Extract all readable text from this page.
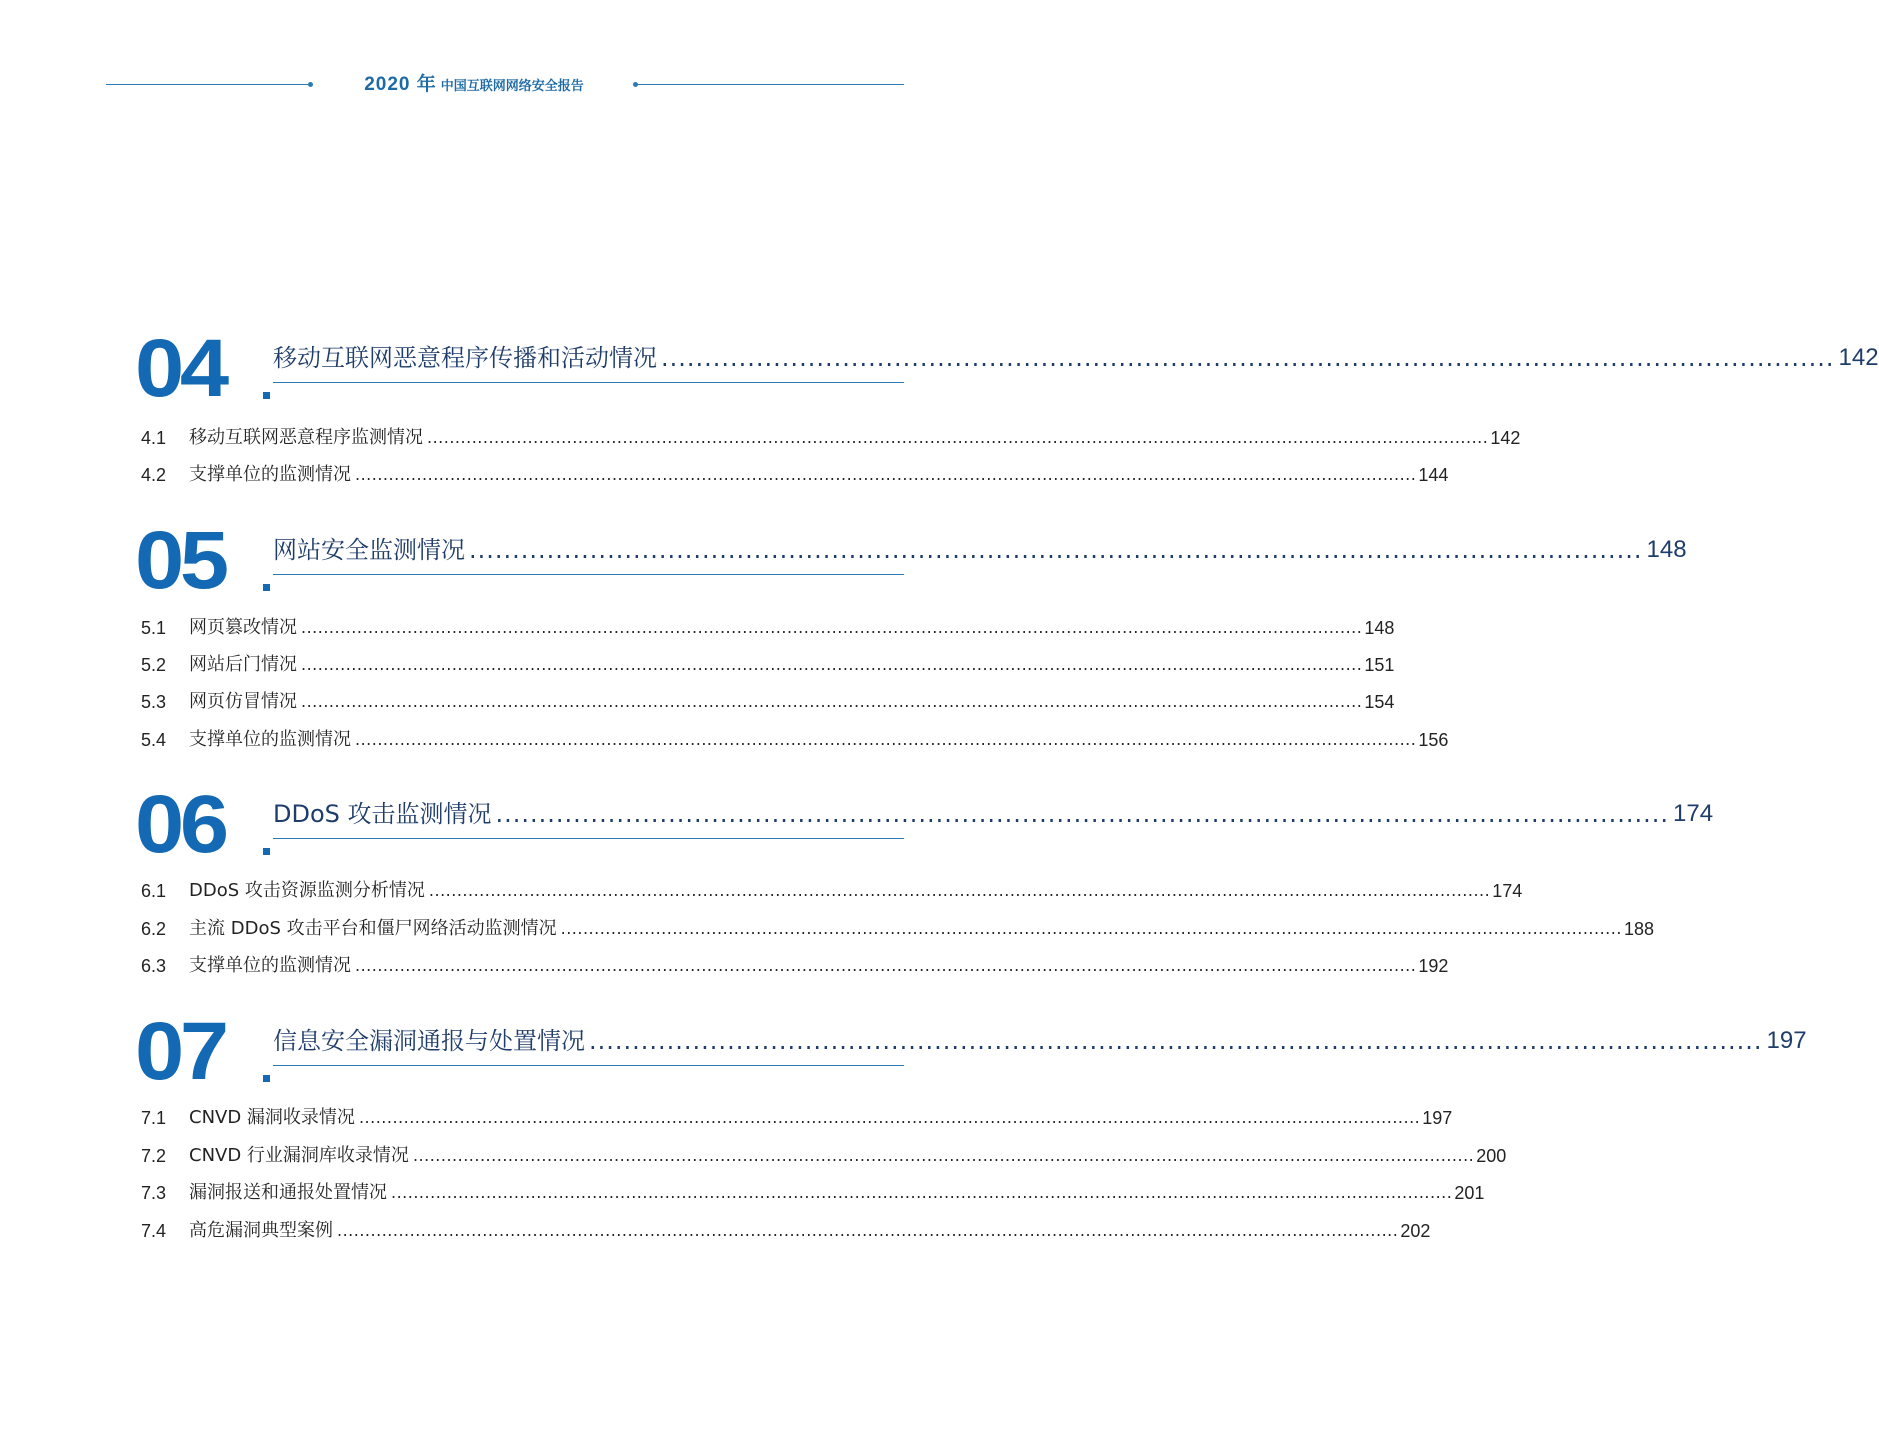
2020 年 中国互联网网络安全报告
04 移动互联网恶意程序传播和活动情况 ........................................................................................................................................ 142
4.1	移动互联网恶意程序监测情况 .............................................................................................................................................................................................. 142
4.2	支撑单位的监测情况 .............................................................................................................................................................................................. 144
05 网站安全监测情况 ........................................................................................................................................ 148
5.1	网页篡改情况 .............................................................................................................................................................................................. 148
5.2	网站后门情况 .............................................................................................................................................................................................. 151
5.3	网页仿冒情况 .............................................................................................................................................................................................. 154
5.4	支撑单位的监测情况 .............................................................................................................................................................................................. 156
06 DDoS 攻击监测情况 ........................................................................................................................................ 174
6.1	DDoS 攻击资源监测分析情况 .............................................................................................................................................................................................. 174
6.2	主流 DDoS 攻击平台和僵尸网络活动监测情况 .............................................................................................................................................................................................. 188
6.3	支撑单位的监测情况 .............................................................................................................................................................................................. 192
07 信息安全漏洞通报与处置情况 ........................................................................................................................................ 197
7.1	CNVD 漏洞收录情况 .............................................................................................................................................................................................. 197
7.2	CNVD 行业漏洞库收录情况 .............................................................................................................................................................................................. 200
7.3	漏洞报送和通报处置情况 .............................................................................................................................................................................................. 201
7.4	高危漏洞典型案例 .............................................................................................................................................................................................. 202
